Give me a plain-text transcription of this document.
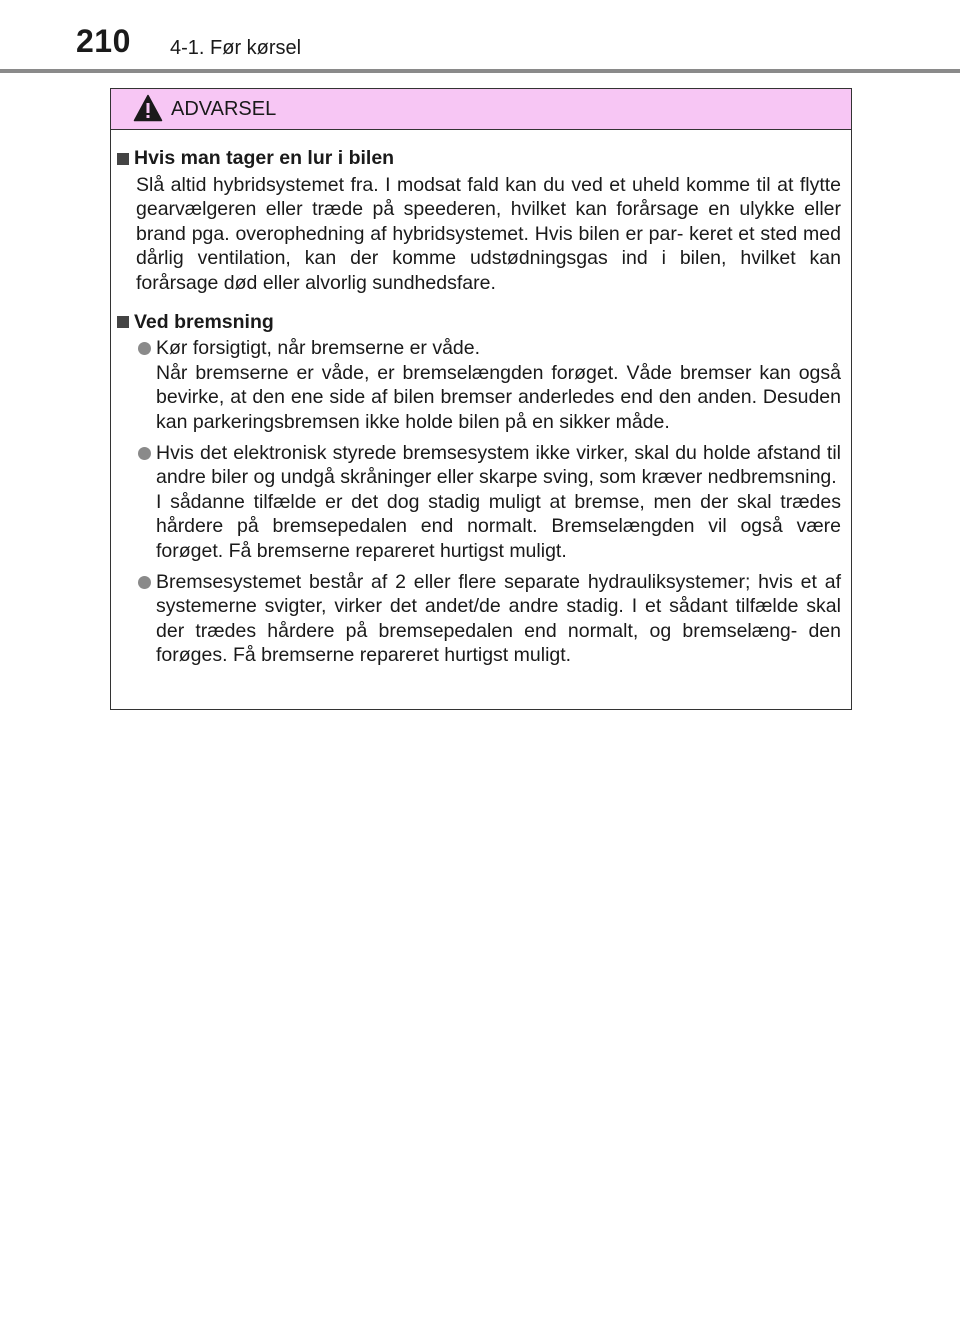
210 4-1. Før kørsel
ADVARSEL
Hvis man tager en lur i bilen

Slå altid hybridsystemet fra. I modsat fald kan du ved et uheld komme til at flytte gearvælgeren eller træde på speederen, hvilket kan forårsage en ulykke eller brand pga. overophedning af hybridsystemet. Hvis bilen er par- keret et sted med dårlig ventilation, kan der komme udstødningsgas ind i bilen, hvilket kan forårsage død eller alvorlig sundhedsfare.

Ved bremsning

Kør forsigtigt, når bremserne er våde.

Når bremserne er våde, er bremselængden forøget. Våde bremser kan også bevirke, at den ene side af bilen bremser anderledes end den anden. Desuden kan parkeringsbremsen ikke holde bilen på en sikker måde.

Hvis det elektronisk styrede bremsesystem ikke virker, skal du holde afstand til andre biler og undgå skråninger eller skarpe sving, som kræver nedbremsning.

I sådanne tilfælde er det dog stadig muligt at bremse, men der skal trædes hårdere på bremsepedalen end normalt. Bremselængden vil også være forøget. Få bremserne repareret hurtigst muligt.

Bremsesystemet består af 2 eller flere separate hydrauliksystemer; hvis et af systemerne svigter, virker det andet/de andre stadig. I et sådant tilfælde skal der trædes hårdere på bremsepedalen end normalt, og bremselæng- den forøges. Få bremserne repareret hurtigst muligt.
